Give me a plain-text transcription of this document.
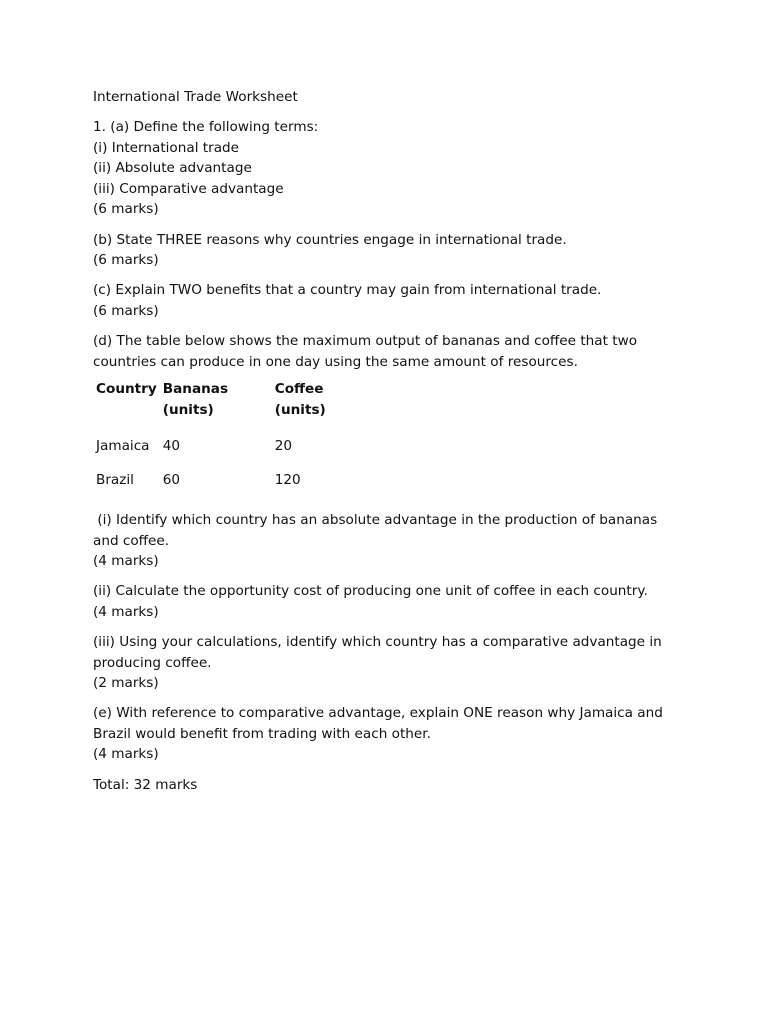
International Trade Worksheet
1. (a) Define the following terms:
(i) International trade
(ii) Absolute advantage
(iii) Comparative advantage
(6 marks)
(b) State THREE reasons why countries engage in international trade.
(6 marks)
(c) Explain TWO benefits that a country may gain from international trade.
(6 marks)
(d) The table below shows the maximum output of bananas and coffee that two countries can produce in one day using the same amount of resources.
Country	Bananas (units)	Coffee (units)
Jamaica	40	20
Brazil	60	120
(i) Identify which country has an absolute advantage in the production of bananas and coffee.
(4 marks)
(ii) Calculate the opportunity cost of producing one unit of coffee in each country.
(4 marks)
(iii) Using your calculations, identify which country has a comparative advantage in producing coffee.
(2 marks)
(e) With reference to comparative advantage, explain ONE reason why Jamaica and Brazil would benefit from trading with each other.
(4 marks)
Total: 32 marks
